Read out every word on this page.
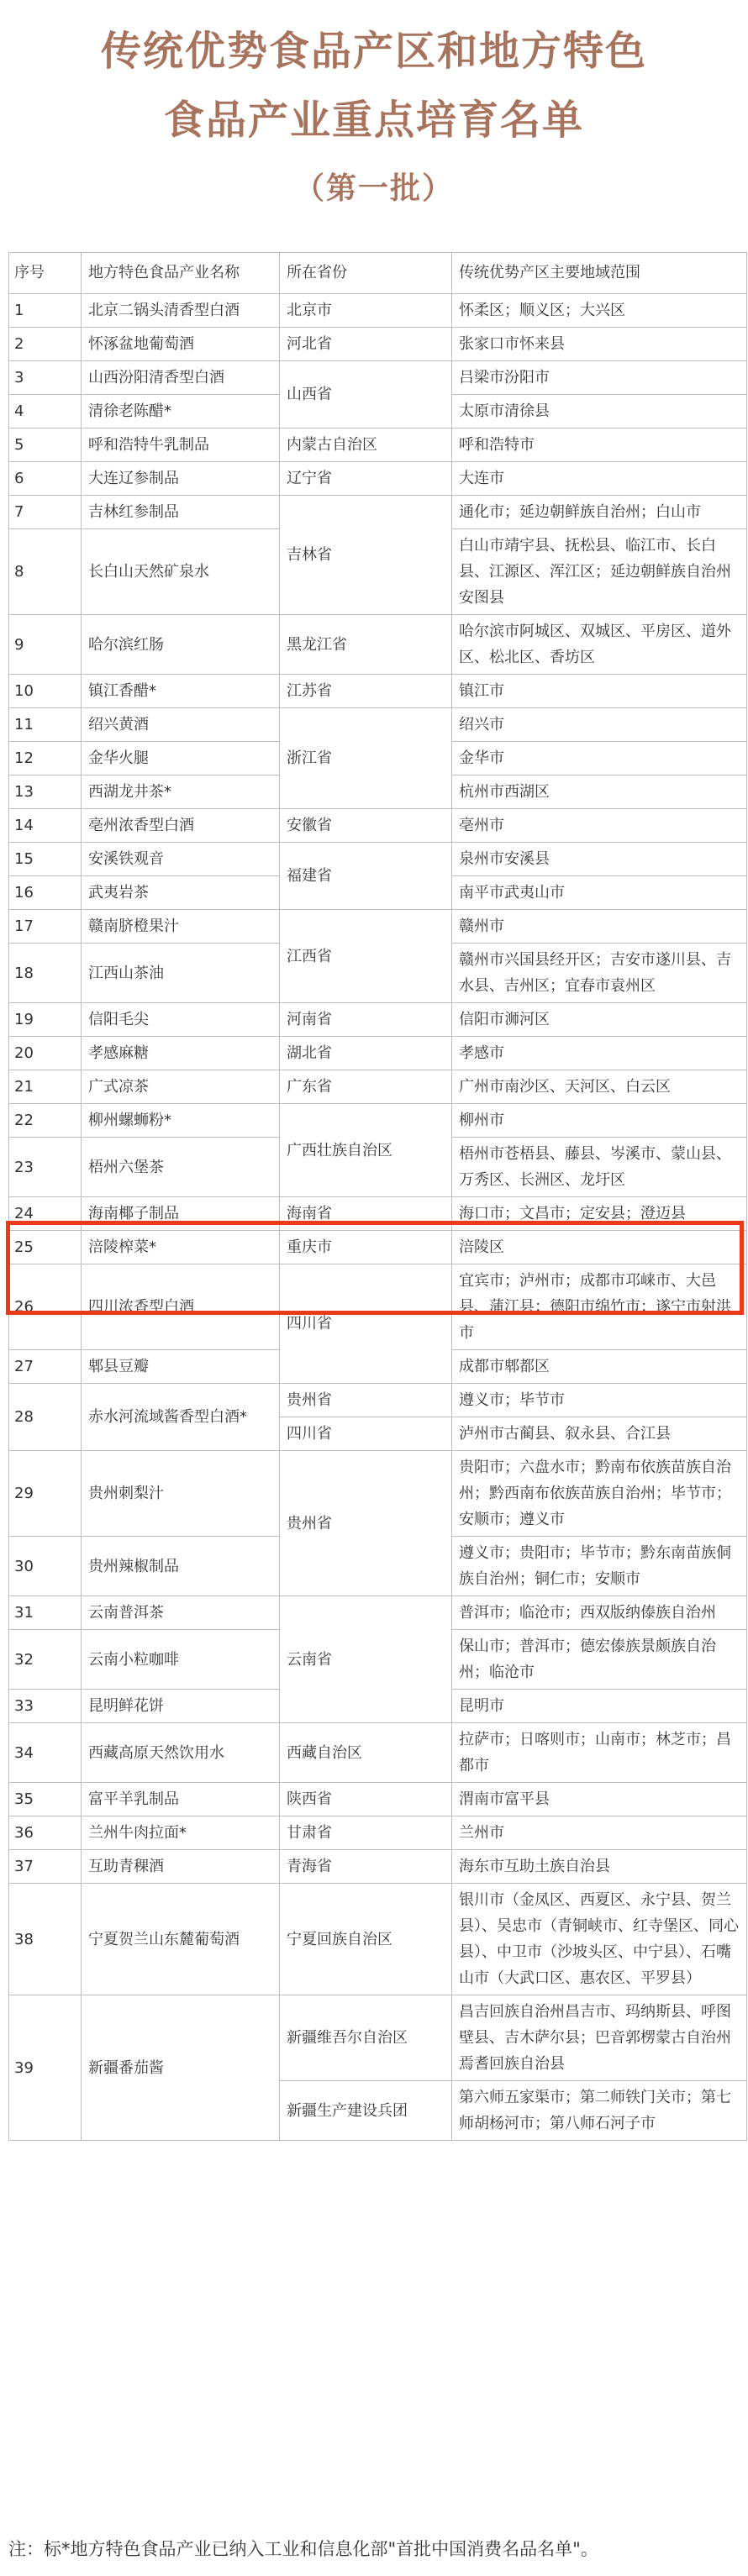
传统优势食品产区和地方特色
食品产业重点培育名单
（第一批）
序号	地方特色食品产业名称	所在省份	传统优势产区主要地域范围
1	北京二锅头清香型白酒	北京市	怀柔区；顺义区；大兴区
2	怀涿盆地葡萄酒	河北省	张家口市怀来县
3	山西汾阳清香型白酒	山西省	吕梁市汾阳市
4	清徐老陈醋*		太原市清徐县
5	呼和浩特牛乳制品	内蒙古自治区	呼和浩特市
6	大连辽参制品	辽宁省	大连市
7	吉林红参制品	吉林省	通化市；延边朝鲜族自治州；白山市
8	长白山天然矿泉水		白山市靖宇县、抚松县、临江市、长白县、江源区、浑江区；延边朝鲜族自治州安图县
9	哈尔滨红肠	黑龙江省	哈尔滨市阿城区、双城区、平房区、道外区、松北区、香坊区
10	镇江香醋*	江苏省	镇江市
11	绍兴黄酒	浙江省	绍兴市
12	金华火腿		金华市
13	西湖龙井茶*		杭州市西湖区
14	亳州浓香型白酒	安徽省	亳州市
15	安溪铁观音	福建省	泉州市安溪县
16	武夷岩茶		南平市武夷山市
17	赣南脐橙果汁	江西省	赣州市
18	江西山茶油		赣州市兴国县经开区；吉安市遂川县、吉水县、吉州区；宜春市袁州区
19	信阳毛尖	河南省	信阳市浉河区
20	孝感麻糖	湖北省	孝感市
21	广式凉茶	广东省	广州市南沙区、天河区、白云区
22	柳州螺蛳粉*	广西壮族自治区	柳州市
23	梧州六堡茶		梧州市苍梧县、藤县、岑溪市、蒙山县、万秀区、长洲区、龙圩区
24	海南椰子制品	海南省	海口市；文昌市；定安县；澄迈县
25	涪陵榨菜*	重庆市	涪陵区
26	四川浓香型白酒	四川省	宜宾市；泸州市；成都市邛崃市、大邑县、蒲江县；德阳市绵竹市；遂宁市射洪市
27	郫县豆瓣		成都市郫都区
28	赤水河流域酱香型白酒*	贵州省	遵义市；毕节市
		四川省	泸州市古蔺县、叙永县、合江县
29	贵州刺梨汁	贵州省	贵阳市；六盘水市；黔南布依族苗族自治州；黔西南布依族苗族自治州；毕节市；安顺市；遵义市
30	贵州辣椒制品		遵义市；贵阳市；毕节市；黔东南苗族侗族自治州；铜仁市；安顺市
31	云南普洱茶	云南省	普洱市；临沧市；西双版纳傣族自治州
32	云南小粒咖啡		保山市；普洱市；德宏傣族景颇族自治州；临沧市
33	昆明鲜花饼		昆明市
34	西藏高原天然饮用水	西藏自治区	拉萨市；日喀则市；山南市；林芝市；昌都市
35	富平羊乳制品	陕西省	渭南市富平县
36	兰州牛肉拉面*	甘肃省	兰州市
37	互助青稞酒	青海省	海东市互助土族自治县
38	宁夏贺兰山东麓葡萄酒	宁夏回族自治区	银川市（金凤区、西夏区、永宁县、贺兰县）、吴忠市（青铜峡市、红寺堡区、同心县）、中卫市（沙坡头区、中宁县）、石嘴山市（大武口区、惠农区、平罗县）
39	新疆番茄酱	新疆维吾尔自治区	昌吉回族自治州昌吉市、玛纳斯县、呼图壁县、吉木萨尔县；巴音郭楞蒙古自治州焉耆回族自治县
		新疆生产建设兵团	第六师五家渠市；第二师铁门关市；第七师胡杨河市；第八师石河子市
注：标*地方特色食品产业已纳入工业和信息化部"首批中国消费名品名单"。
